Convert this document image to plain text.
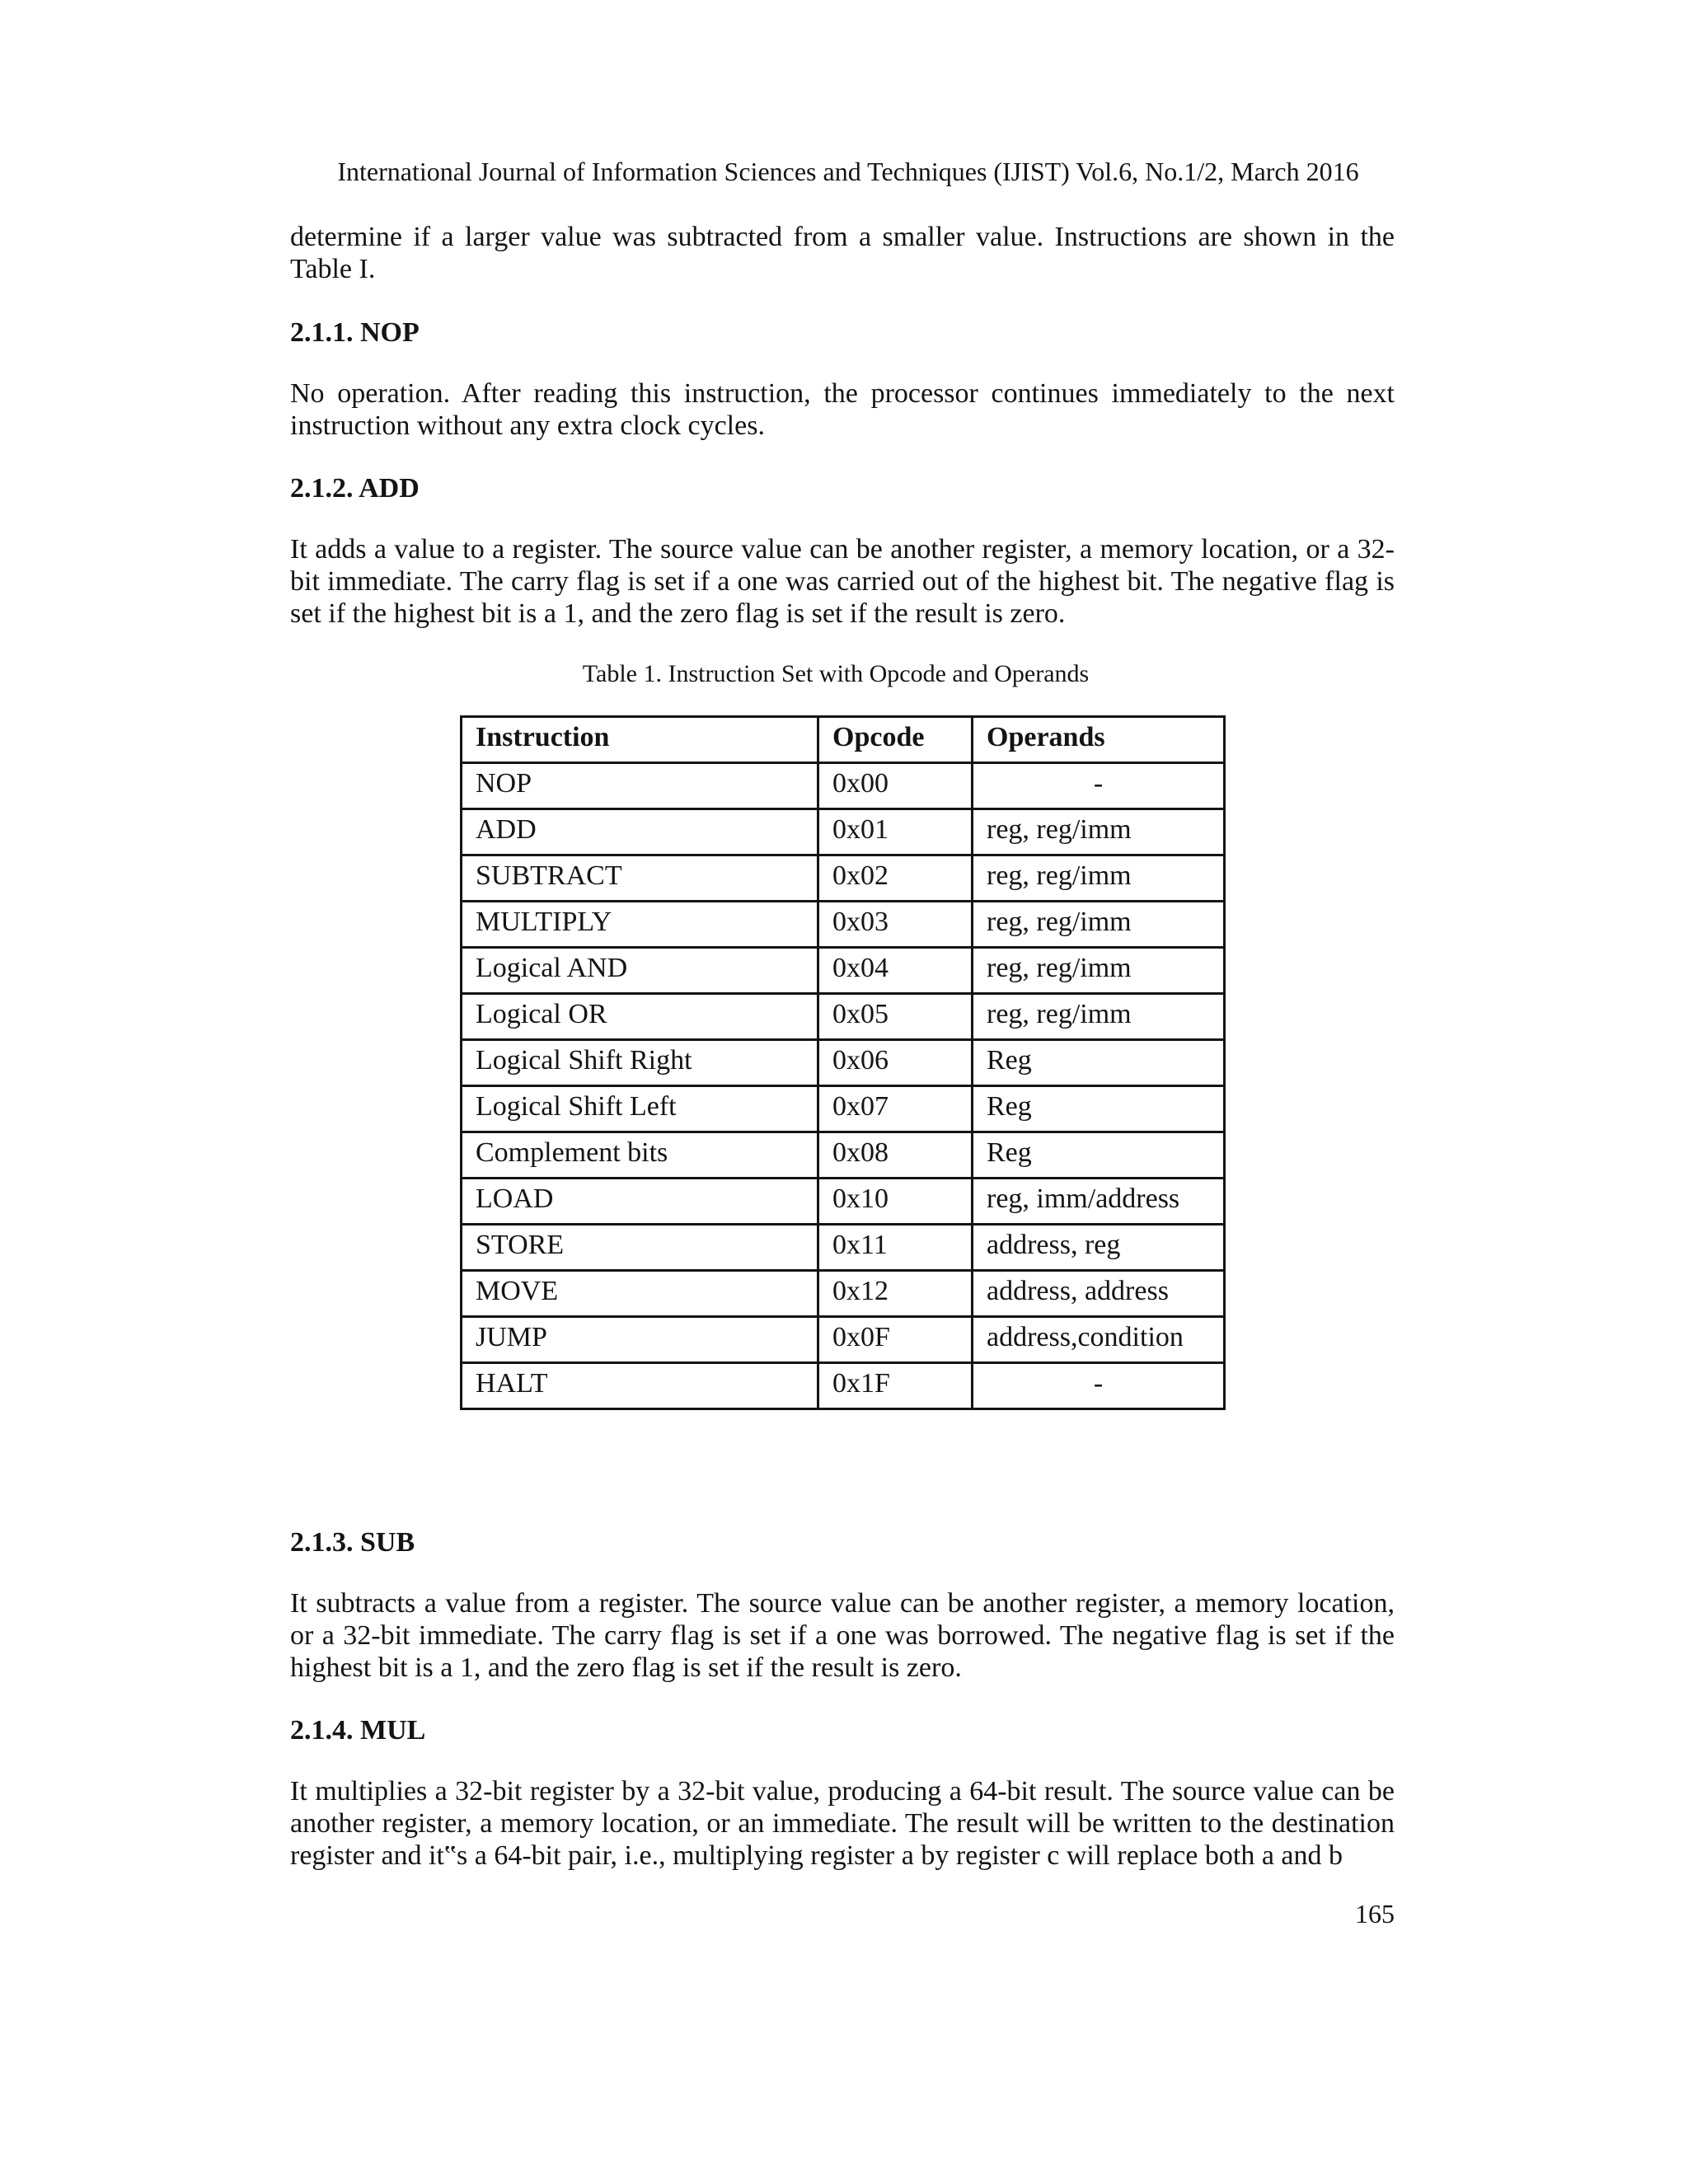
International Journal of Information Sciences and Techniques (IJIST) Vol.6, No.1/2, March 2016

determine if a larger value was subtracted from a smaller value. Instructions are shown in the Table I.

2.1.1. NOP

No operation. After reading this instruction, the processor continues immediately to the next instruction without any extra clock cycles.

2.1.2. ADD

It adds a value to a register. The source value can be another register, a memory location, or a 32-bit immediate. The carry flag is set if a one was carried out of the highest bit. The negative flag is set if the highest bit is a 1, and the zero flag is set if the result is zero.

Table 1. Instruction Set with Opcode and Operands
Instruction	Opcode	Operands
NOP	0x00	-
ADD	0x01	reg, reg/imm
SUBTRACT	0x02	reg, reg/imm
MULTIPLY	0x03	reg, reg/imm
Logical AND	0x04	reg, reg/imm
Logical OR	0x05	reg, reg/imm
Logical Shift Right	0x06	Reg
Logical Shift Left	0x07	Reg
Complement bits	0x08	Reg
LOAD	0x10	reg, imm/address
STORE	0x11	address, reg
MOVE	0x12	address, address
JUMP	0x0F	address,condition
HALT	0x1F	-
2.1.3. SUB

It subtracts a value from a register. The source value can be another register, a memory location, or a 32-bit immediate. The carry flag is set if a one was borrowed. The negative flag is set if the highest bit is a 1, and the zero flag is set if the result is zero.

2.1.4. MUL

It multiplies a 32-bit register by a 32-bit value, producing a 64-bit result. The source value can be another register, a memory location, or an immediate. The result will be written to the destination register and it‟s a 64-bit pair, i.e., multiplying register a by register c will replace both a and b

165
